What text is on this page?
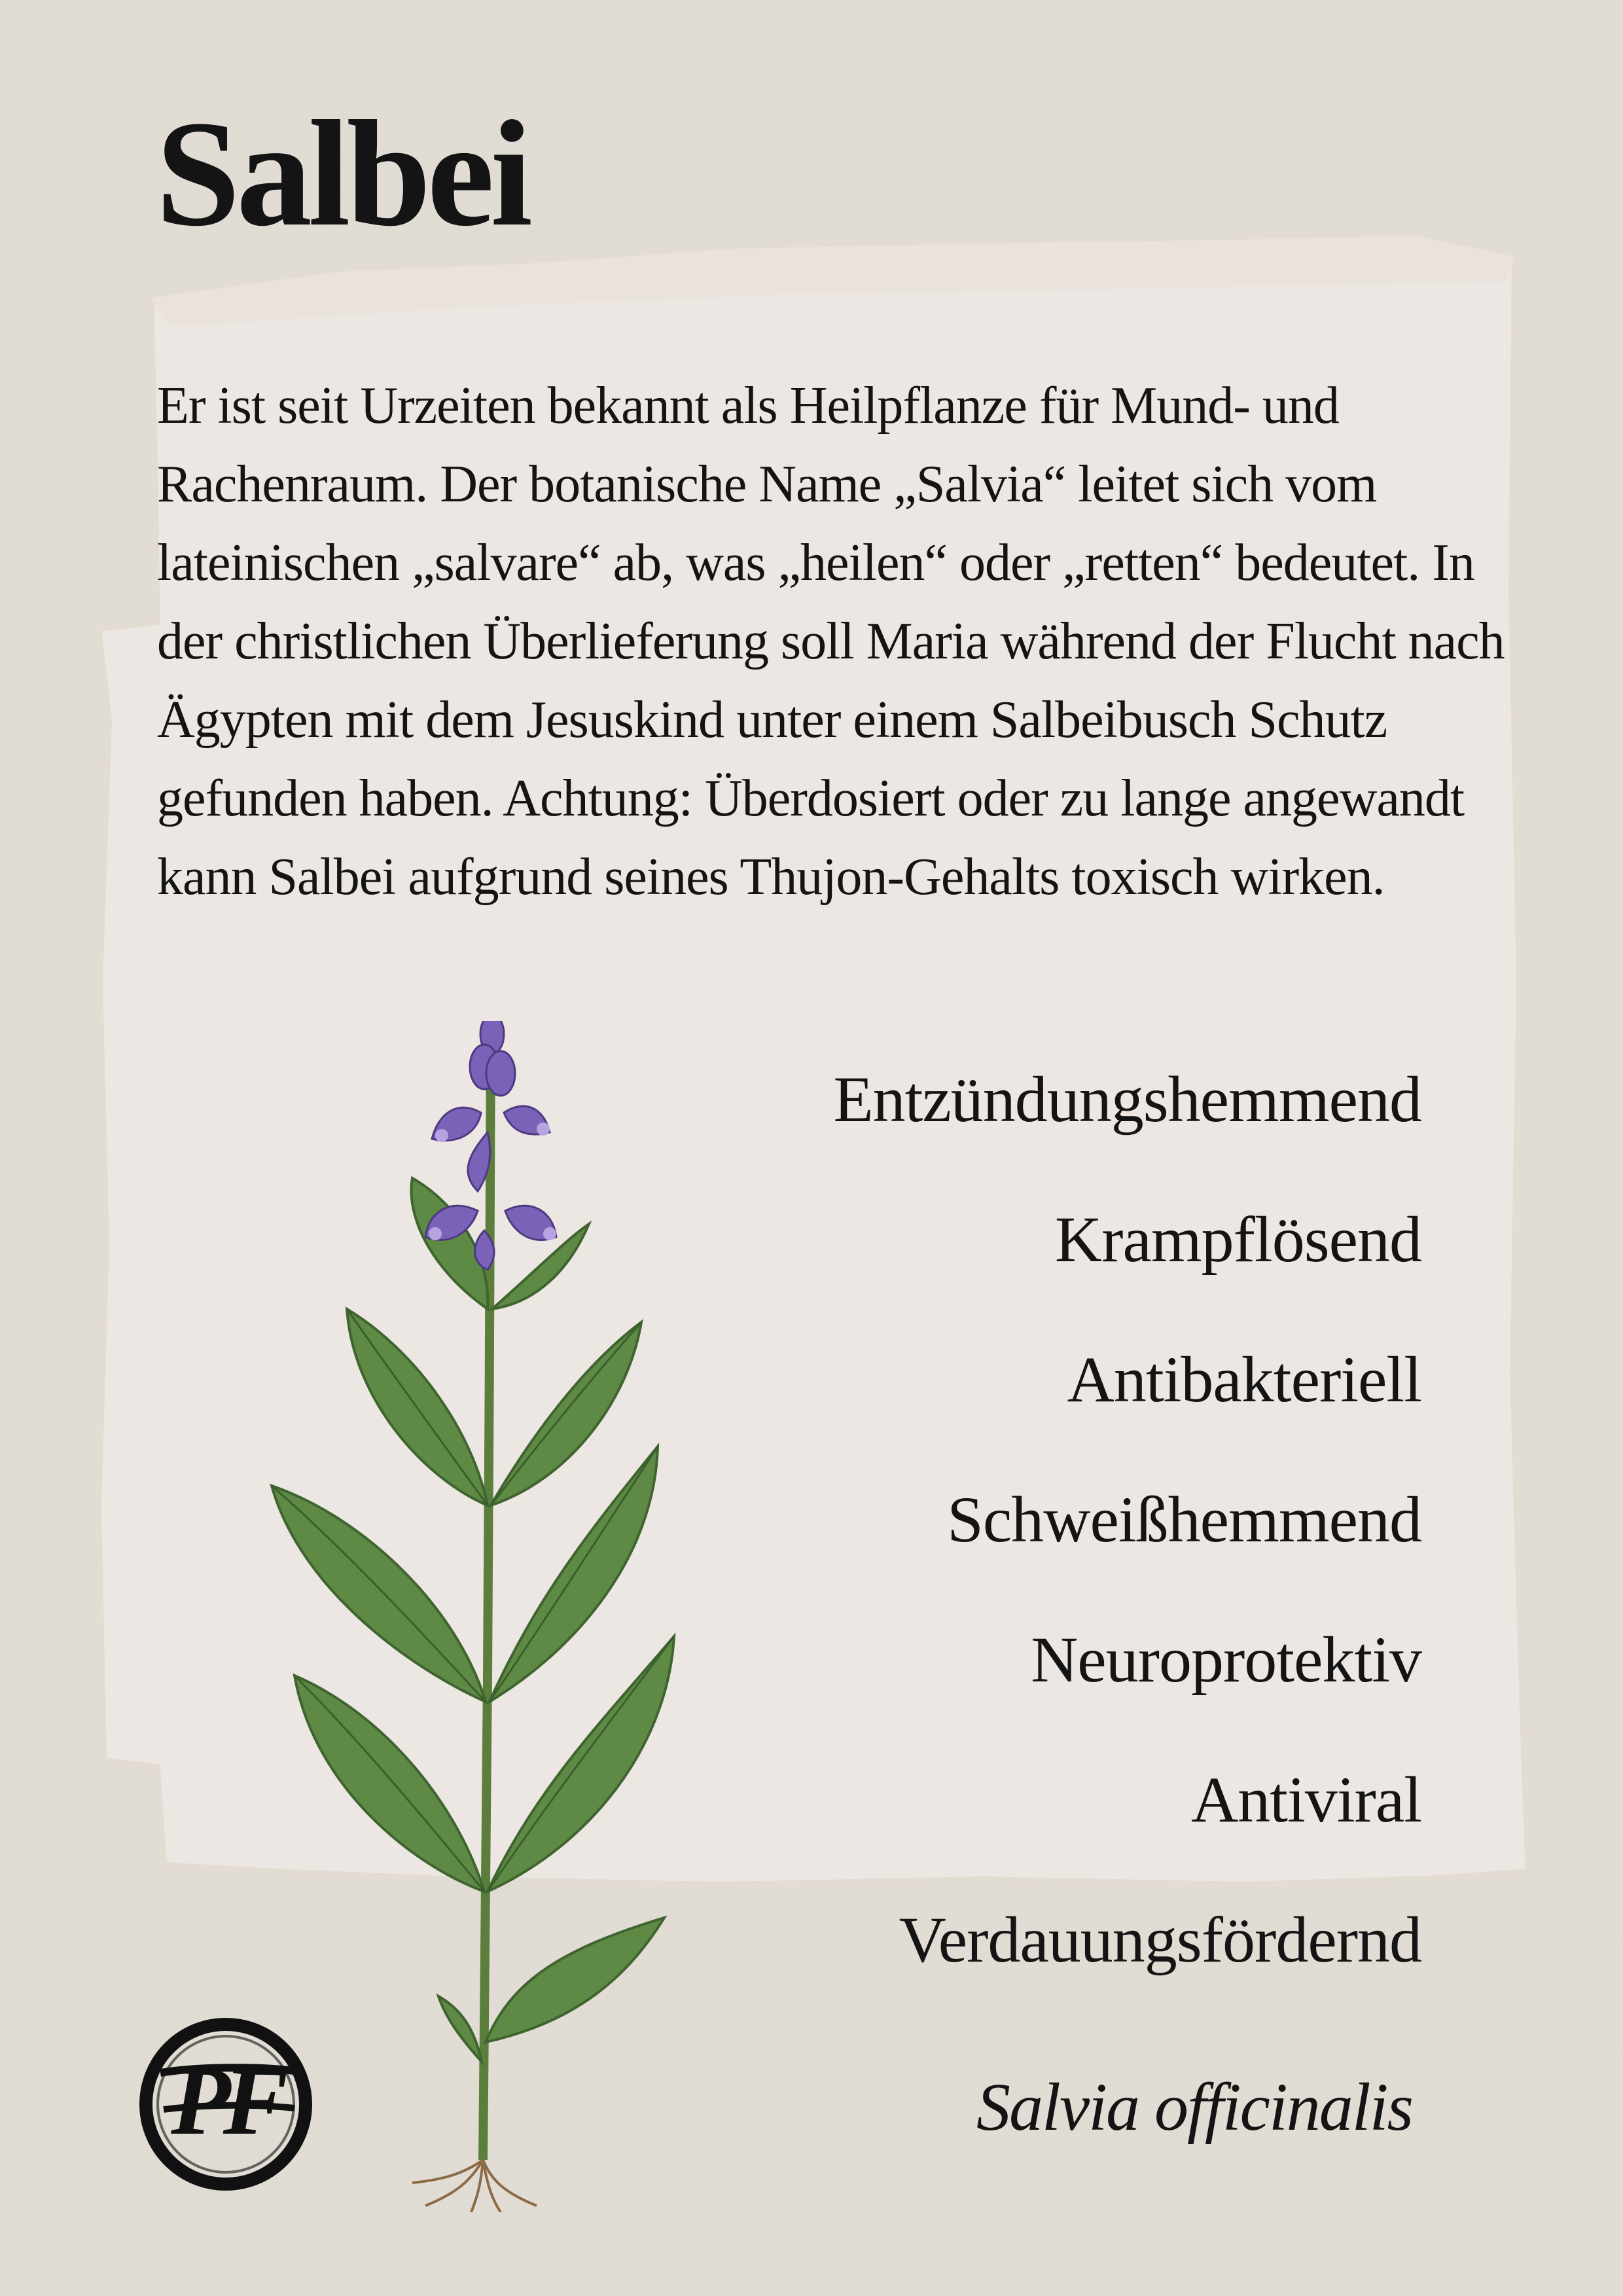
Salbei

Er ist seit Urzeiten bekannt als Heilpflanze für Mund- und Rachenraum. Der botanische Name „Salvia“ leitet sich vom lateinischen „salvare“ ab, was „heilen“ oder „retten“ bedeutet. In der christlichen Überlieferung soll Maria während der Flucht nach Ägypten mit dem Jesuskind unter einem Salbeibusch Schutz gefunden haben. Achtung: Überdosiert oder zu lange angewandt kann Salbei aufgrund seines Thujon-Gehalts toxisch wirken.

Entzündungshemmend
Krampflösend
Antibakteriell
Schweißhemmend
Neuroprotektiv
Antiviral
Verdauungsfördernd

Salvia officinalis

PF
